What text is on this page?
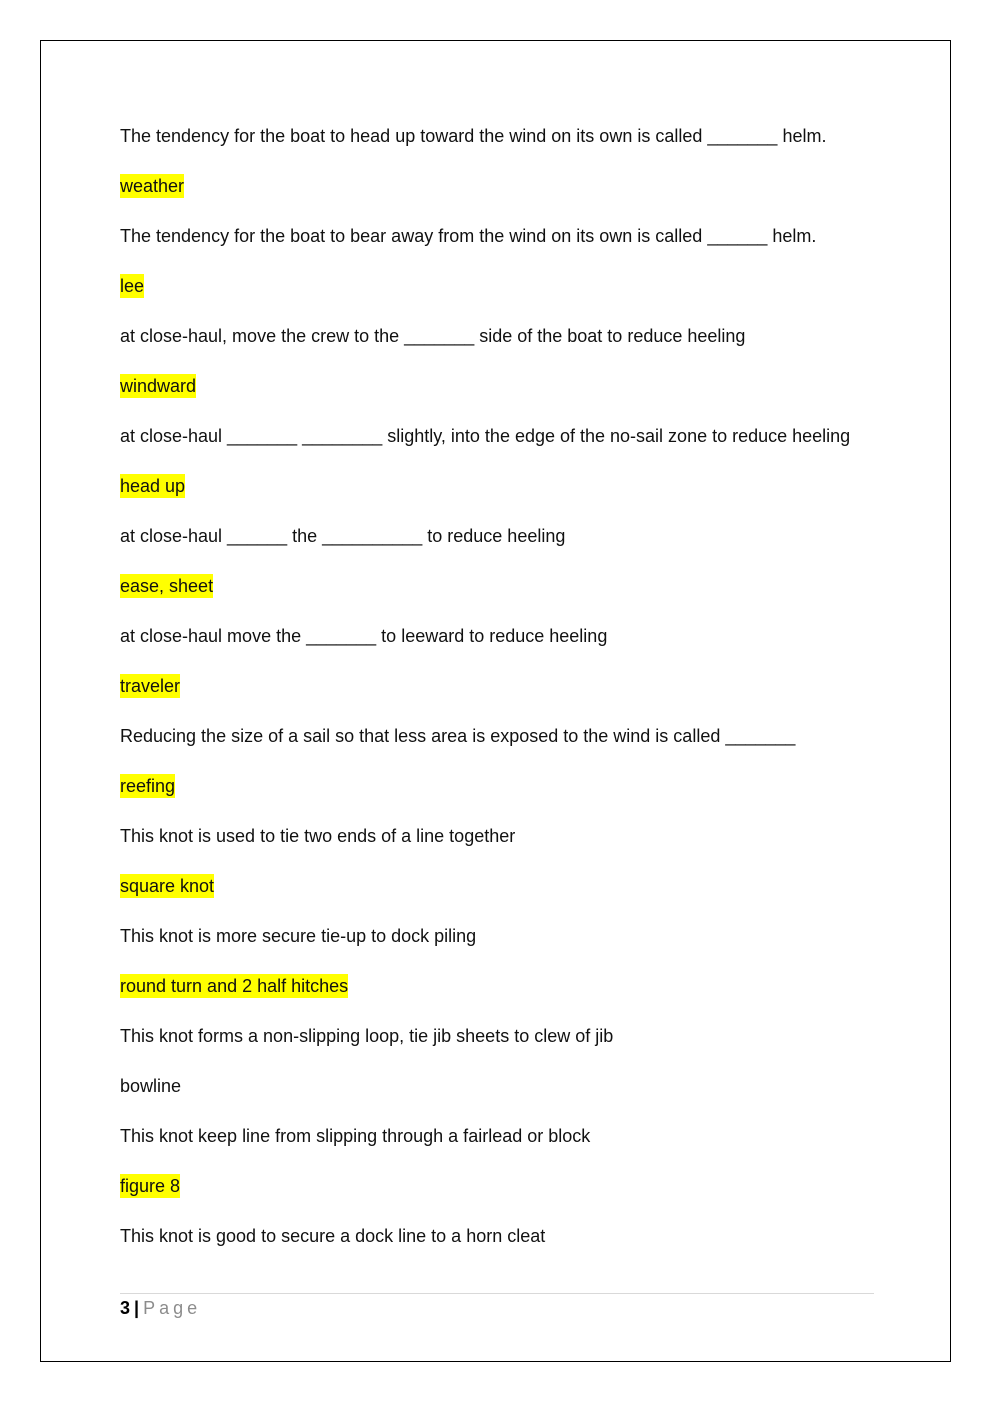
The tendency for the boat to head up toward the wind on its own is called _______ helm.

weather

The tendency for the boat to bear away from the wind on its own is called ______ helm.

lee

at close-haul, move the crew to the _______ side of the boat to reduce heeling

windward

at close-haul _______ ________ slightly, into the edge of the no-sail zone to reduce heeling

head up

at close-haul ______ the __________ to reduce heeling

ease, sheet

at close-haul move the _______ to leeward to reduce heeling

traveler

Reducing the size of a sail so that less area is exposed to the wind is called _______

reefing

This knot is used to tie two ends of a line together

square knot

This knot is more secure tie-up to dock piling

round turn and 2 half hitches

This knot forms a non-slipping loop, tie jib sheets to clew of jib

bowline

This knot keep line from slipping through a fairlead or block

figure 8

This knot is good to secure a dock line to a horn cleat

3 | Page
